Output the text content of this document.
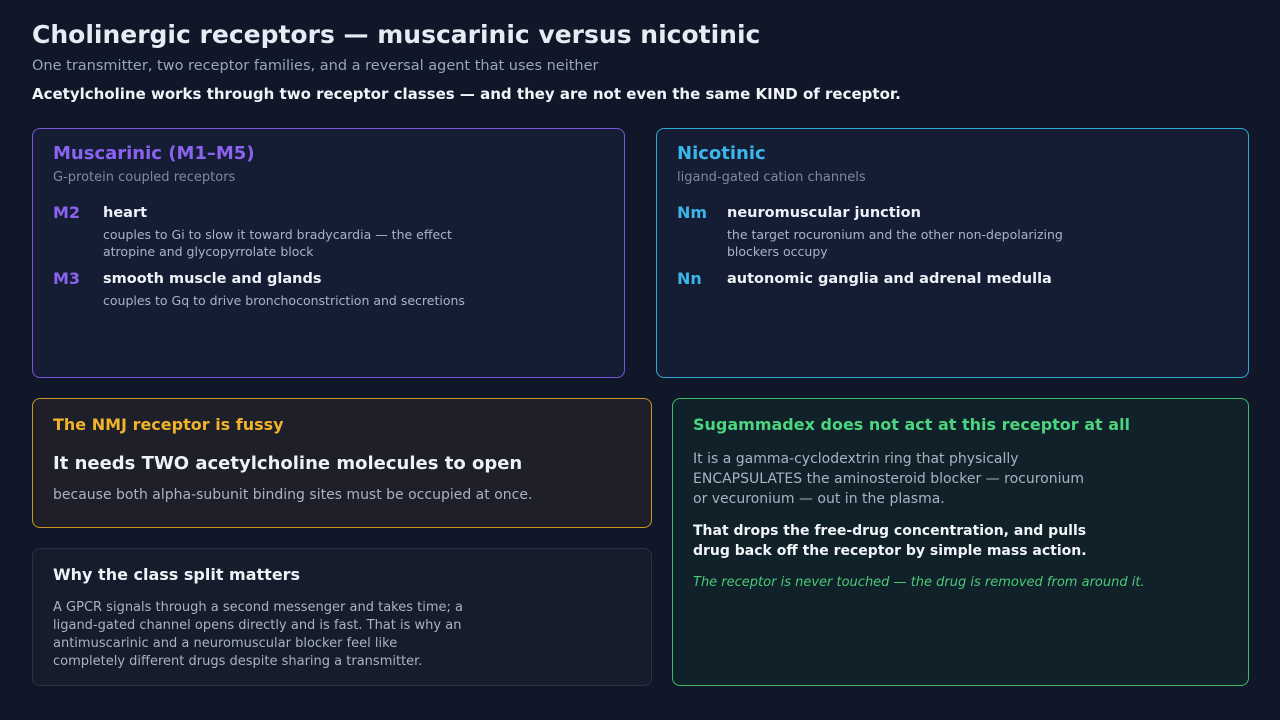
Cholinergic receptors — muscarinic versus nicotinic
One transmitter, two receptor families, and a reversal agent that uses neither
Acetylcholine works through two receptor classes — and they are not even the same KIND of receptor.
Muscarinic (M1–M5)
G-protein coupled receptors
M2 heart
couples to Gi to slow it toward bradycardia — the effect atropine and glycopyrrolate block
M3 smooth muscle and glands
couples to Gq to drive bronchoconstriction and secretions
Nicotinic
ligand-gated cation channels
Nm neuromuscular junction
the target rocuronium and the other non-depolarizing blockers occupy
Nn autonomic ganglia and adrenal medulla
The NMJ receptor is fussy
It needs TWO acetylcholine molecules to open
because both alpha-subunit binding sites must be occupied at once.
Why the class split matters
A GPCR signals through a second messenger and takes time; a ligand-gated channel opens directly and is fast. That is why an antimuscarinic and a neuromuscular blocker feel like completely different drugs despite sharing a transmitter.
Sugammadex does not act at this receptor at all
It is a gamma-cyclodextrin ring that physically ENCAPSULATES the aminosteroid blocker — rocuronium or vecuronium — out in the plasma.
That drops the free-drug concentration, and pulls drug back off the receptor by simple mass action.
The receptor is never touched — the drug is removed from around it.
